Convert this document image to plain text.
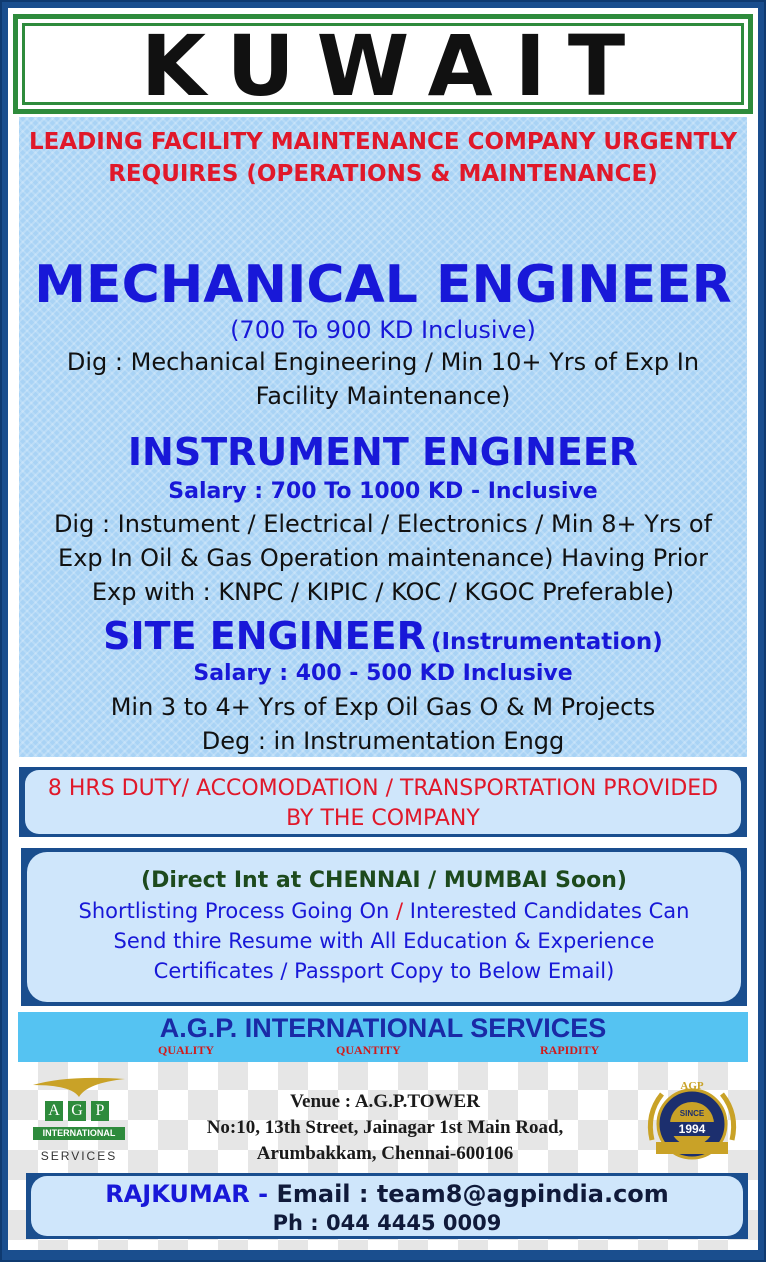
KUWAIT
LEADING FACILITY MAINTENANCE COMPANY URGENTLY
REQUIRES (OPERATIONS & MAINTENANCE)
MECHANICAL ENGINEER
(700 To 900 KD Inclusive)
Dig : Mechanical Engineering / Min 10+ Yrs of Exp In
Facility Maintenance)
INSTRUMENT ENGINEER
Salary : 700 To 1000 KD - Inclusive
Dig : Instument / Electrical / Electronics / Min 8+ Yrs of
Exp In Oil & Gas Operation maintenance) Having Prior
Exp with : KNPC / KIPIC / KOC / KGOC Preferable)
SITE ENGINEER (Instrumentation)
Salary : 400 - 500 KD Inclusive
Min 3 to 4+ Yrs of Exp Oil Gas O & M Projects
Deg : in Instrumentation Engg
8 HRS DUTY/ ACCOMODATION / TRANSPORTATION PROVIDED
BY THE COMPANY
(Direct Int at CHENNAI / MUMBAI Soon)
Shortlisting Process Going On / Interested Candidates Can
Send thire Resume with All Education & Experience
Certificates / Passport Copy to Below Email)
A.G.P. INTERNATIONAL SERVICES
QUALITY	QUANTITY	RAPIDITY
A G P
INTERNATIONAL
SERVICES
Venue : A.G.P.TOWER
No:10, 13th Street, Jainagar 1st Main Road,
Arumbakkam, Chennai-600106
AGP
SINCE
1994
RAJKUMAR - Email : team8@agpindia.com
Ph : 044 4445 0009
